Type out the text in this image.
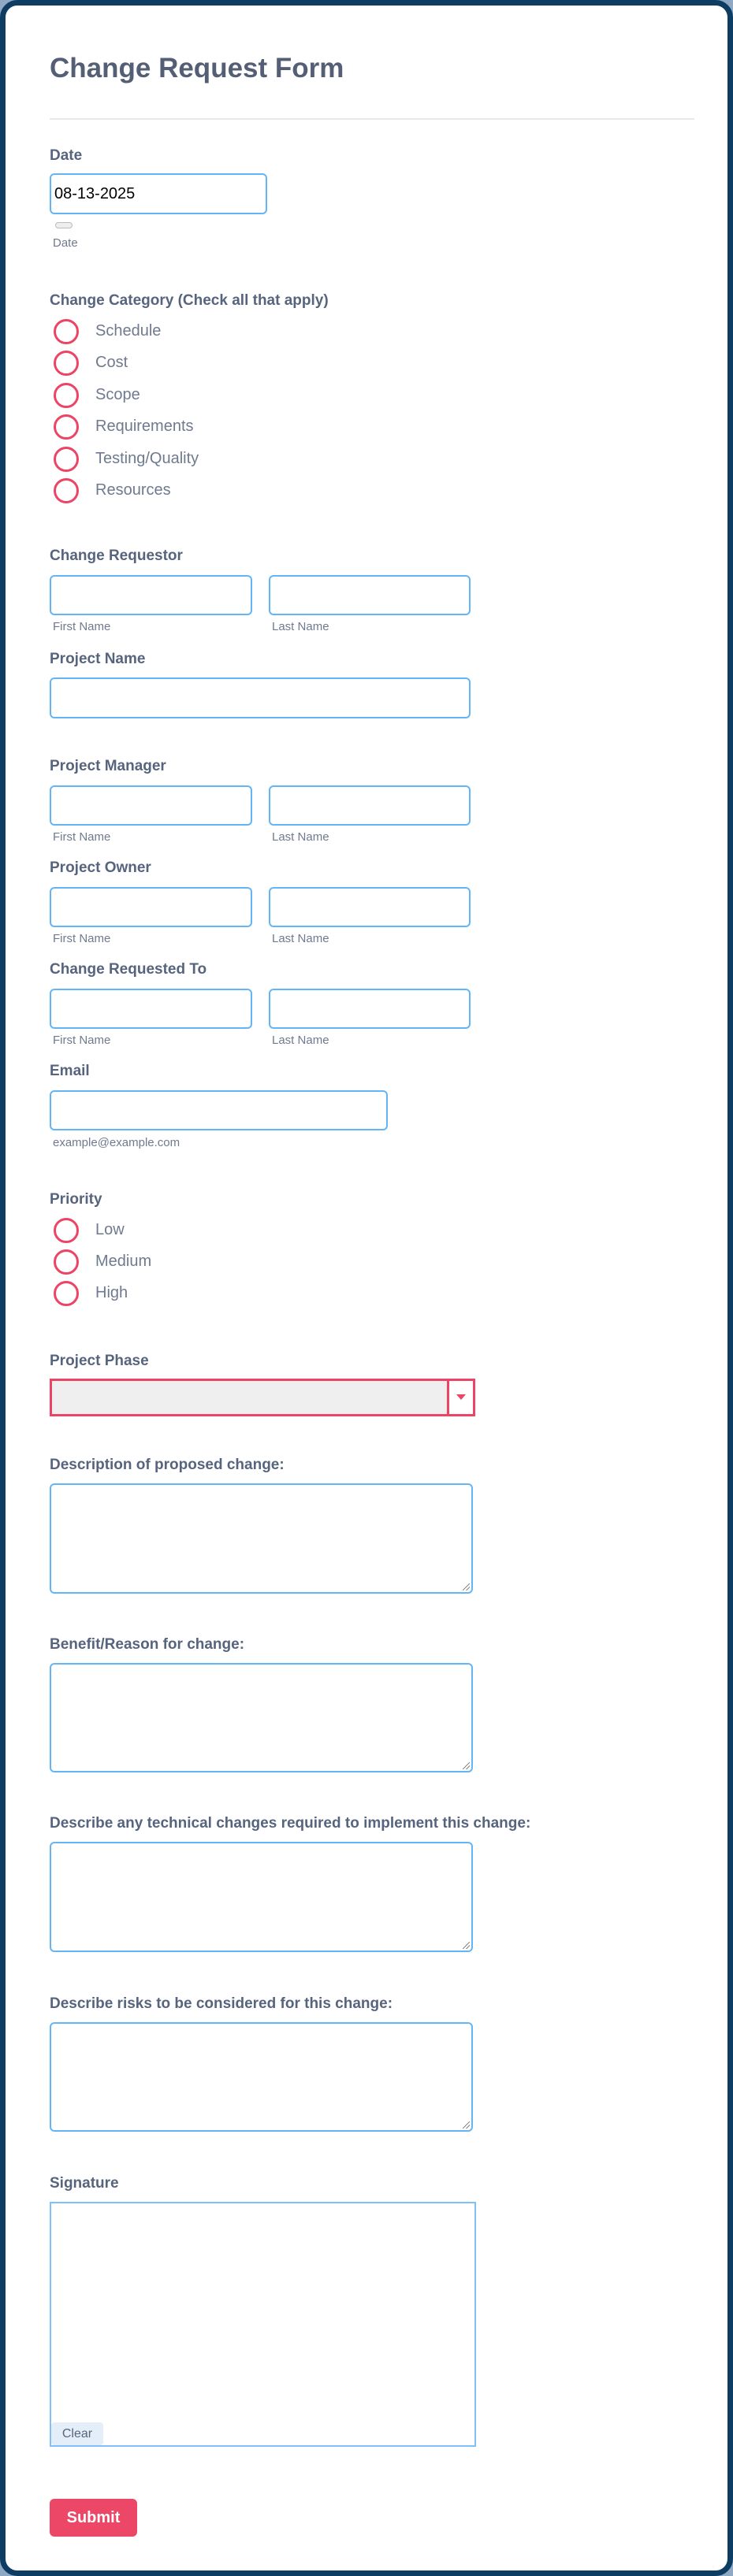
Change Request Form
Date
08-13-2025
Date
Change Category (Check all that apply)
Schedule
Cost
Scope
Requirements
Testing/Quality
Resources
Change Requestor
First Name	Last Name
Project Name
Project Manager
First Name	Last Name
Project Owner
First Name	Last Name
Change Requested To
First Name	Last Name
Email
example@example.com
Priority
Low
Medium
High
Project Phase
Description of proposed change:
Benefit/Reason for change:
Describe any technical changes required to implement this change:
Describe risks to be considered for this change:
Signature
Clear
Submit
